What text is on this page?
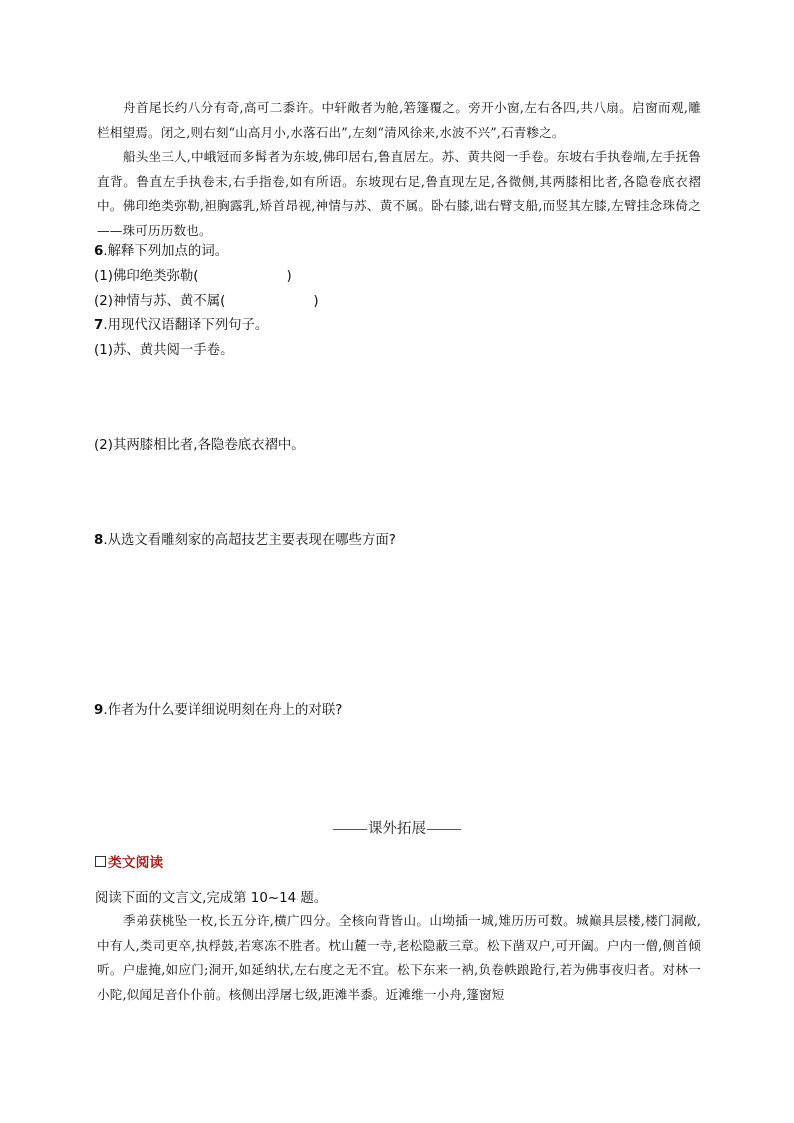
舟首尾长约八分有奇,高可二黍许。中轩敞者为舱,箬篷覆之。旁开小窗,左右各四,共八扇。启窗而观,雕栏相望焉。闭之,则右刻“山高月小,水落石出”,左刻“清风徐来,水波不兴”,石青糁之。

船头坐三人,中峨冠而多髯者为东坡,佛印居右,鲁直居左。苏、黄共阅一手卷。东坡右手执卷端,左手抚鲁直背。鲁直左手执卷末,右手指卷,如有所语。东坡现右足,鲁直现左足,各微侧,其两膝相比者,各隐卷底衣褶中。佛印绝类弥勒,袒胸露乳,矫首昂视,神情与苏、黄不属。卧右膝,诎右臂支船,而竖其左膝,左臂挂念珠倚之——珠可历历数也。

6.解释下列加点的词。
(1)佛印绝类弥勒(	)
(2)神情与苏、黄不属(	)
7.用现代汉语翻译下列句子。
(1)苏、黄共阅一手卷。
(2)其两膝相比者,各隐卷底衣褶中。
8.从选文看雕刻家的高超技艺主要表现在哪些方面?
9.作者为什么要详细说明刻在舟上的对联?
课外拓展
类文阅读
阅读下面的文言文,完成第 10~14 题。

季弟获桃坠一枚,长五分许,横广四分。全核向背皆山。山坳插一城,雉历历可数。城巅具层楼,楼门洞敞,中有人,类司更卒,执桴鼓,若寒冻不胜者。枕山麓一寺,老松隐蔽三章。松下凿双户,可开阖。户内一僧,侧首倾听。户虚掩,如应门;洞开,如延纳状,左右度之无不宜。松下东来一衲,负卷帙踉跄行,若为佛事夜归者。对林一小陀,似闻足音仆仆前。核侧出浮屠七级,距滩半黍。近滩维一小舟,篷窗短
